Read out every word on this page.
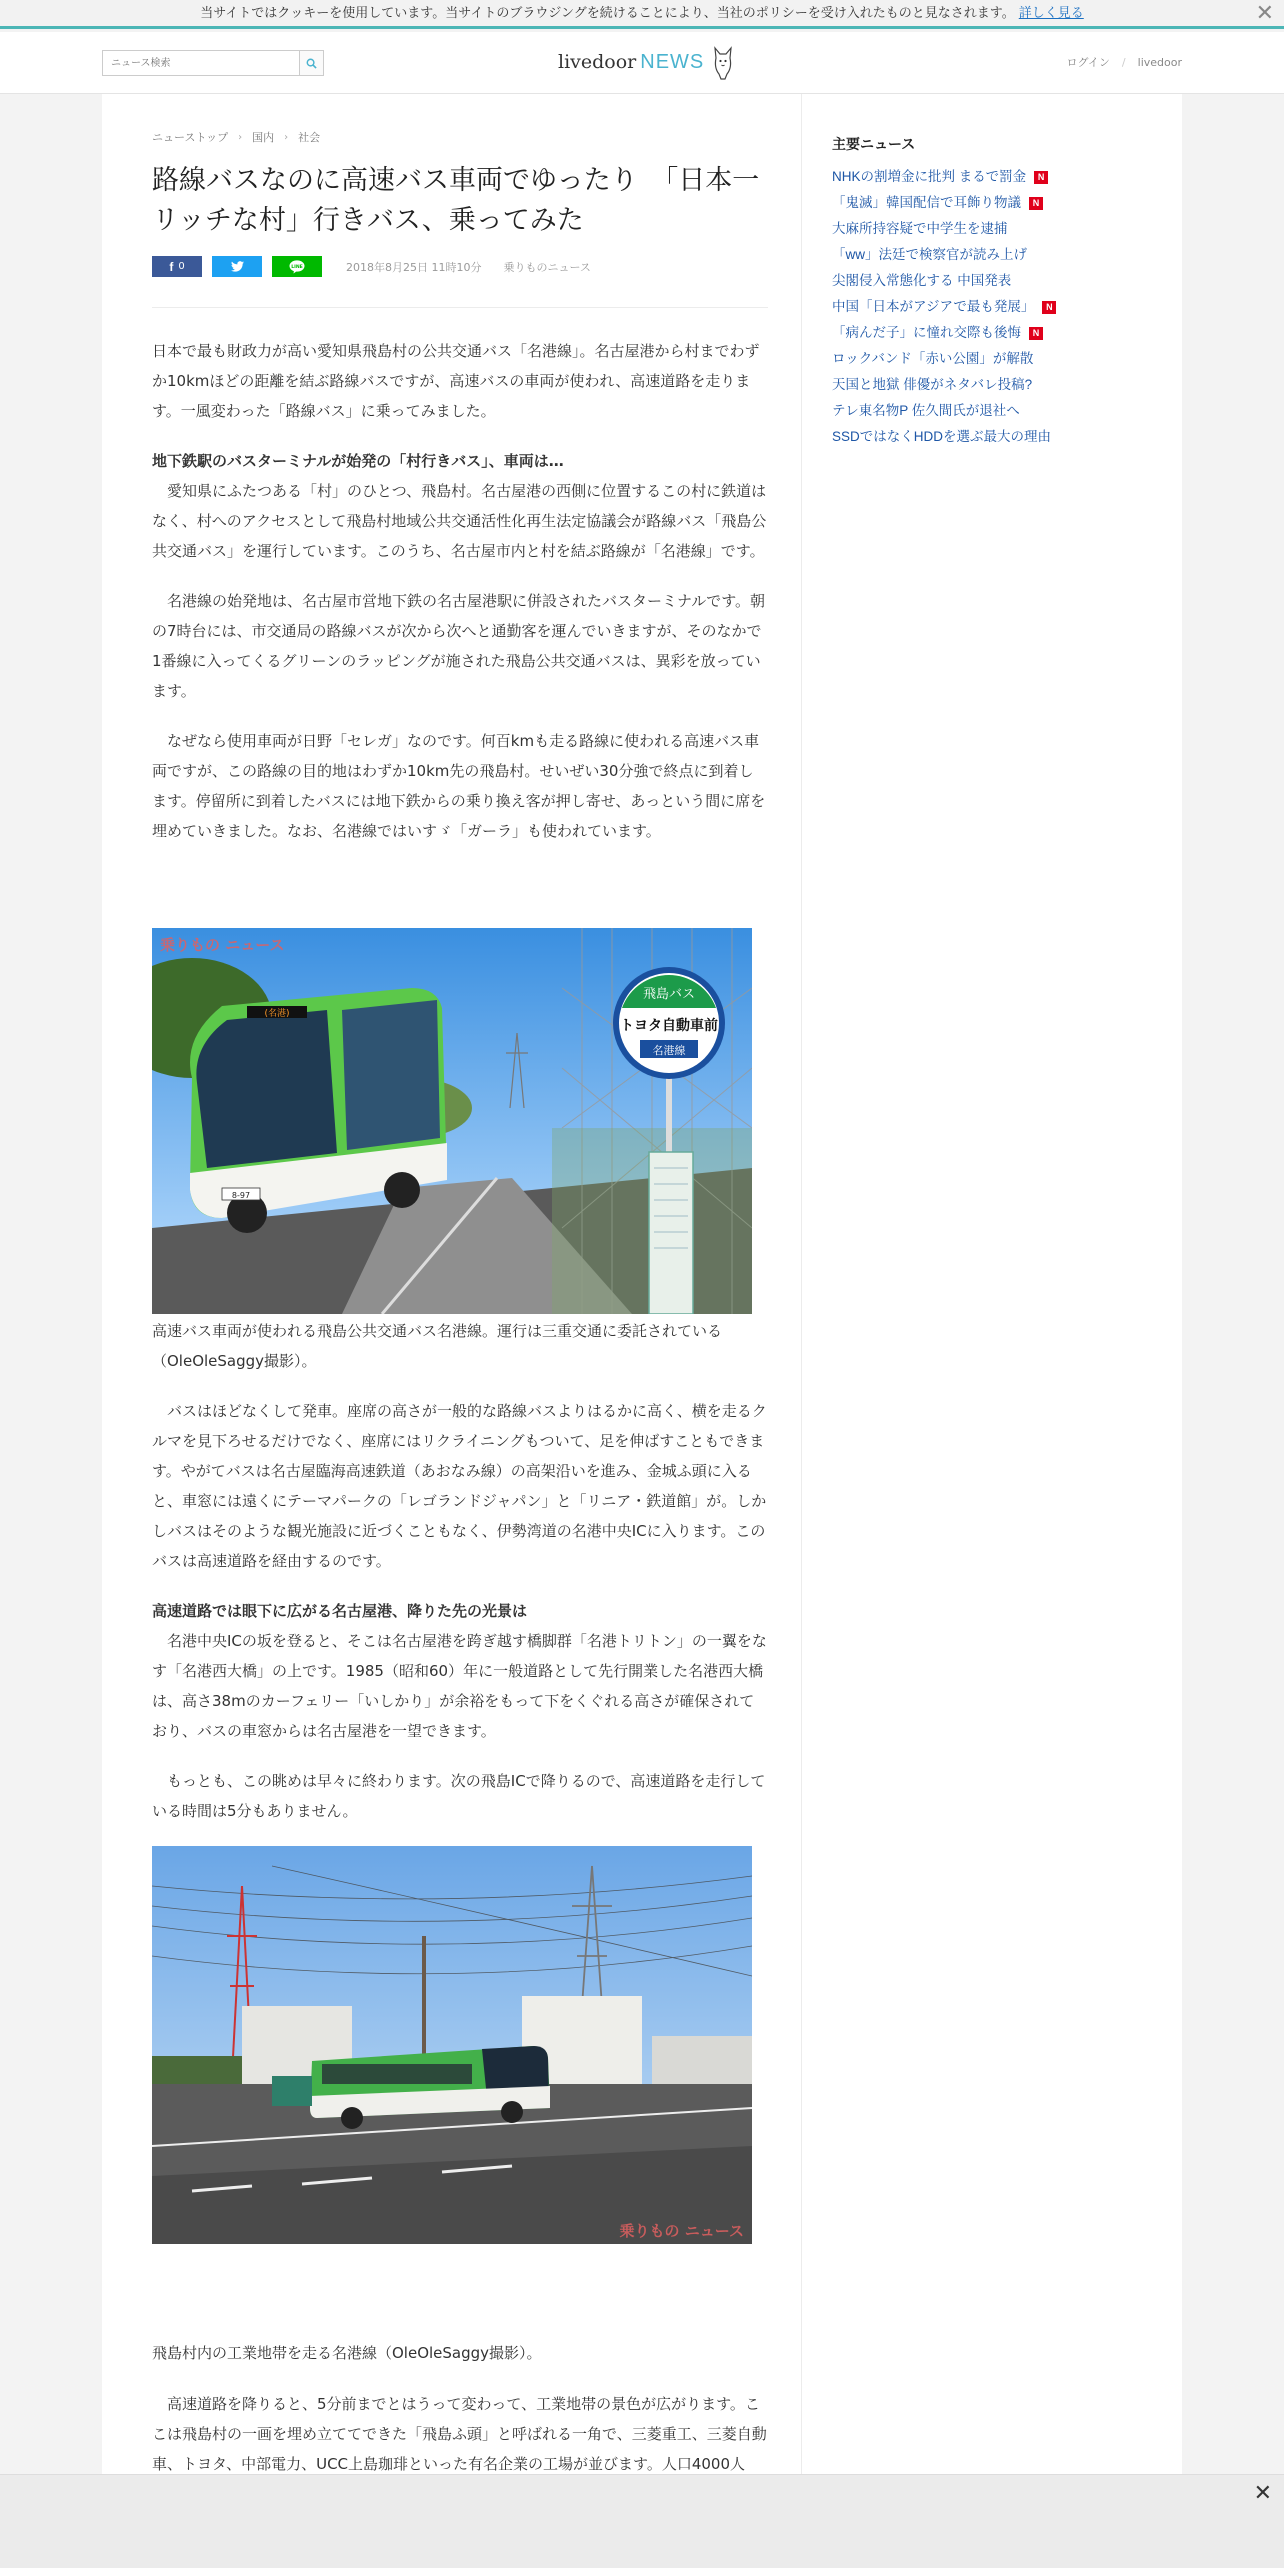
当サイトではクッキーを使用しています。当サイトのブラウジングを続けることにより、当社のポリシーを受け入れたものと見なされます。 詳しく見る	✕
ニュース検索
livedoor NEWS	ログイン / livedoor
ニューストップ › 国内 › 社会
路線バスなのに高速バス車両でゆったり　「日本一リッチな村」行きバス、乗ってみた
f 0	LINE	2018年8月25日 11時10分 乗りものニュース

日本で最も財政力が高い愛知県飛島村の公共交通バス「名港線」。名古屋港から村までわずか10kmほどの距離を結ぶ路線バスですが、高速バスの車両が使われ、高速道路を走ります。一風変わった「路線バス」に乗ってみました。

地下鉄駅のバスターミナルが始発の「村行きバス」、車両は…

　愛知県にふたつある「村」のひとつ、飛島村。名古屋港の西側に位置するこの村に鉄道はなく、村へのアクセスとして飛島村地域公共交通活性化再生法定協議会が路線バス「飛島公共交通バス」を運行しています。このうち、名古屋市内と村を結ぶ路線が「名港線」です。

　名港線の始発地は、名古屋市営地下鉄の名古屋港駅に併設されたバスターミナルです。朝の7時台には、市交通局の路線バスが次から次へと通勤客を運んでいきますが、そのなかで1番線に入ってくるグリーンのラッピングが施された飛島公共交通バスは、異彩を放っています。

　なぜなら使用車両が日野「セレガ」なのです。何百kmも走る路線に使われる高速バス車両ですが、この路線の目的地はわずか10km先の飛島村。せいぜい30分強で終点に到着します。停留所に到着したバスには地下鉄からの乗り換え客が押し寄せ、あっという間に席を埋めていきました。なお、名港線ではいすゞ「ガーラ」も使われています。

(名港)
8-97
飛島バス
トヨタ自動車前
名港線
乗りもの ニュース

高速バス車両が使われる飛島公共交通バス名港線。運行は三重交通に委託されている（OleOleSaggy撮影）。

　バスはほどなくして発車。座席の高さが一般的な路線バスよりはるかに高く、横を走るクルマを見下ろせるだけでなく、座席にはリクライニングもついて、足を伸ばすこともできます。やがてバスは名古屋臨海高速鉄道（あおなみ線）の高架沿いを進み、金城ふ頭に入ると、車窓には遠くにテーマパークの「レゴランドジャパン」と「リニア・鉄道館」が。しかしバスはそのような観光施設に近づくこともなく、伊勢湾道の名港中央ICに入ります。このバスは高速道路を経由するのです。

高速道路では眼下に広がる名古屋港、降りた先の光景は

　名港中央ICの坂を登ると、そこは名古屋港を跨ぎ越す橋脚群「名港トリトン」の一翼をなす「名港西大橋」の上です。1985（昭和60）年に一般道路として先行開業した名港西大橋は、高さ38mのカーフェリー「いしかり」が余裕をもって下をくぐれる高さが確保されており、バスの車窓からは名古屋港を一望できます。

　もっとも、この眺めは早々に終わります。次の飛島ICで降りるので、高速道路を走行している時間は5分もありません。

乗りもの ニュース

飛島村内の工業地帯を走る名港線（OleOleSaggy撮影）。

　高速道路を降りると、5分前までとはうって変わって、工業地帯の景色が広がります。ここは飛島村の一画を埋め立ててできた「飛島ふ頭」と呼ばれる一角で、三菱重工、三菱自動車、トヨタ、中部電力、UCC上島珈琲といった有名企業の工場が並びます。人口4000人

主要ニュース
NHKの割増金に批判 まるで罰金	N
「鬼滅」韓国配信で耳飾り物議	N
大麻所持容疑で中学生を逮捕
「ww」法廷で検察官が読み上げ
尖閣侵入常態化する 中国発表
中国「日本がアジアで最も発展」	N
「病んだ子」に憧れ交際も後悔	N
ロックバンド「赤い公園」が解散
天国と地獄 俳優がネタバレ投稿?
テレ東名物P 佐久間氏が退社へ
SSDではなくHDDを選ぶ最大の理由
✕
